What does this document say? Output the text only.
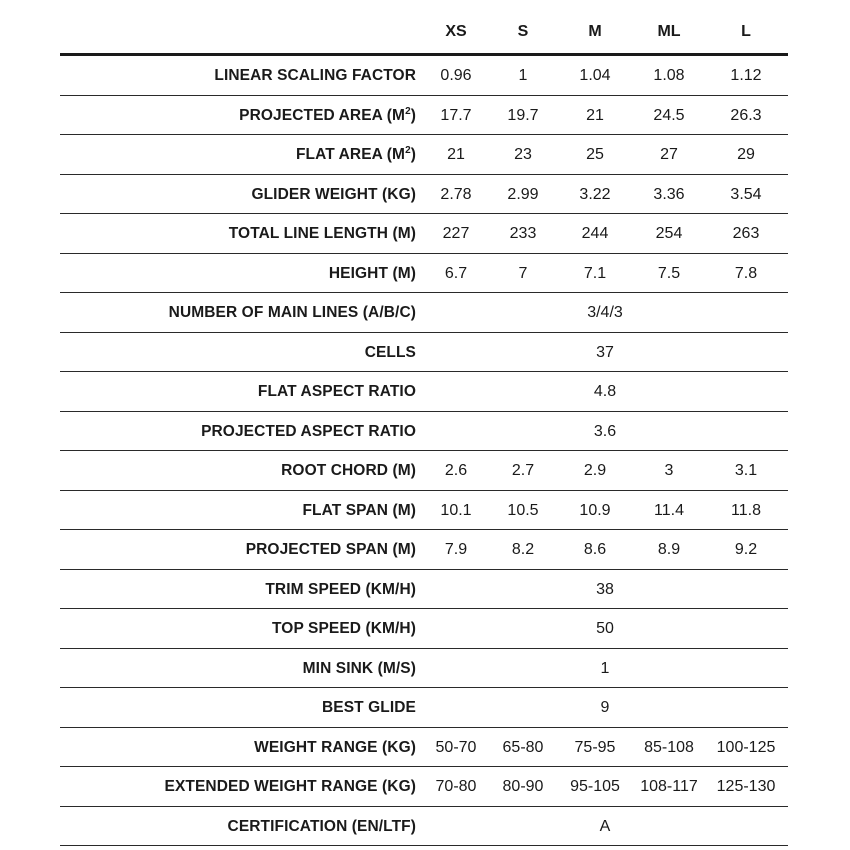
XS	S	M	ML	L
LINEAR SCALING FACTOR	0.96	1	1.04	1.08	1.12
PROJECTED AREA $(M^2)$	17.7	19.7	21	24.5	26.3
FLAT AREA $(M^2)$	21	23	25	27	29
GLIDER WEIGHT (KG)	2.78	2.99	3.22	3.36	3.54
TOTAL LINE LENGTH (M)	227	233	244	254	263
HEIGHT (M)	6.7	7	7.1	7.5	7.8
NUMBER OF MAIN LINES (A/B/C)	3/4/3
CELLS	37
FLAT ASPECT RATIO	4.8
PROJECTED ASPECT RATIO	3.6
ROOT CHORD (M)	2.6	2.7	2.9	3	3.1
FLAT SPAN (M)	10.1	10.5	10.9	11.4	11.8
PROJECTED SPAN (M)	7.9	8.2	8.6	8.9	9.2
TRIM SPEED (KM/H)	38
TOP SPEED (KM/H)	50
MIN SINK (M/S)	1
BEST GLIDE	9
WEIGHT RANGE (KG)	50-70	65-80	75-95	85-108	100-125
EXTENDED WEIGHT RANGE (KG)	70-80	80-90	95-105	108-117	125-130
CERTIFICATION (EN/LTF)	A
